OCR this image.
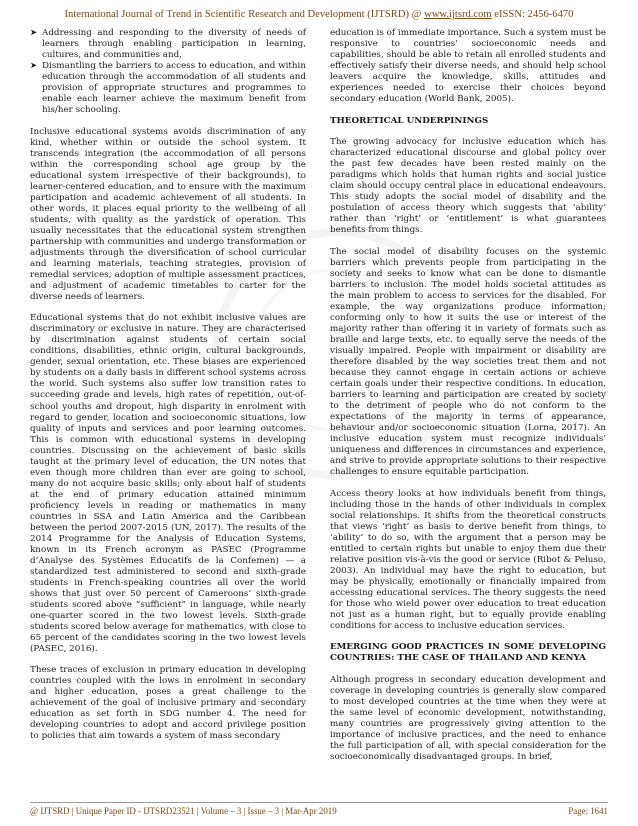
International Journal of Trend in Scientific Research and Development (IJTSRD) @ www.ijtsrd.com eISSN: 2456-6470
➤ Addressing and responding to the diversity of needs of learners through enabling participation in learning, cultures, and communities and,
➤ Dismantling the barriers to access to education, and within education through the accommodation of all students and provision of appropriate structures and programmes to enable each learner achieve the maximum benefit from his/her schooling.

Inclusive educational systems avoids discrimination of any kind, whether within or outside the school system. It transcends integration (the accommodation of all persons within the corresponding school age group by the educational system irrespective of their backgrounds), to learner-centered education, and to ensure with the maximum participation and academic achievement of all students. In other words, it places equal priority to the wellbeing of all students, with quality as the yardstick of operation. This usually necessitates that the educational system strengthen partnership with communities and undergo transformation or adjustments through the diversification of school curricular and learning materials, teaching strategies, provision of remedial services, adoption of multiple assessment practices, and adjustment of academic timetables to carter for the diverse needs of learners.

Educational systems that do not exhibit inclusive values are discriminatory or exclusive in nature. They are characterised by discrimination against students of certain social conditions, disabilities, ethnic origin, cultural backgrounds, gender, sexual orientation, etc. These biases are experienced by students on a daily basis in different school systems across the world. Such systems also suffer low transition rates to succeeding grade and levels, high rates of repetition, out-of-school youths and dropout, high disparity in enrolment with regard to gender, location and socioeconomic situations, low quality of inputs and services and poor learning outcomes. This is common with educational systems in developing countries. Discussing on the achievement of basic skills taught at the primary level of education, the UN notes that even though more children than ever are going to school, many do not acquire basic skills; only about half of students at the end of primary education attained minimum proficiency levels in reading or mathematics in many countries in SSA and Latin America and the Caribbean between the period 2007-2015 (UN, 2017). The results of the 2014 Programme for the Analysis of Education Systems, known in its French acronym as PASEC (Programme d’Analyse des Systèmes Éducatifs de la Confemen) — a standardized test administered to second and sixth-grade students in French-speaking countries all over the world shows that just over 50 percent of Cameroons’ sixth-grade students scored above “sufficient” in language, while nearly one-quarter scored in the two lowest levels. Sixth-grade students scored below average for mathematics, with close to 65 percent of the candidates scoring in the two lowest levels (PASEC, 2016).

These traces of exclusion in primary education in developing countries coupled with the lows in enrolment in secondary and higher education, poses a great challenge to the achievement of the goal of inclusive primary and secondary education as set forth in SDG number 4. The need for developing countries to adopt and accord privilege position to policies that aim towards a system of mass secondary

education is of immediate importance. Such a system must be responsive to countries’ socioeconomic needs and capabilities, should be able to retain all enrolled students and effectively satisfy their diverse needs, and should help school leavers acquire the knowledge, skills, attitudes and experiences needed to exercise their choices beyond secondary education (World Bank, 2005).

THEORETICAL UNDERPININGS

The growing advocacy for inclusive education which has characterized educational discourse and global policy over the past few decades have been rested mainly on the paradigms which holds that human rights and social justice claim should occupy central place in educational endeavours. This study adopts the social model of disability and the postulation of access theory which suggests that ‘ability’ rather than ‘right’ or ‘entitlement’ is what guarantees benefits from things.

The social model of disability focuses on the systemic barriers which prevents people from participating in the society and seeks to know what can be done to dismantle barriers to inclusion. The model holds societal attitudes as the main problem to access to services for the disabled. For example, the way organizations produce information; conforming only to how it suits the use or interest of the majority rather than offering it in variety of formats such as braille and large texts, etc. to equally serve the needs of the visually impaired. People with impairment or disability are therefore disabled by the way societies treat them and not because they cannot engage in certain actions or achieve certain goals under their respective conditions. In education, barriers to learning and participation are created by society to the detriment of people who do not conform to the expectations of the majority in terms of appearance, behaviour and/or socioeconomic situation (Lorna, 2017). An inclusive education system must recognize individuals’ uniqueness and differences in circumstances and experience, and strive to provide appropriate solutions to their respective challenges to ensure equitable participation.

Access theory looks at how individuals benefit from things, including those in the hands of other individuals in complex social relationships. It shifts from the theoretical constructs that views ‘right’ as basis to derive benefit from things, to ‘ability’ to do so, with the argument that a person may be entitled to certain rights but unable to enjoy them due their relative position vis-à-vis the good or service (Ribot & Peluso, 2003). An individual may have the right to education, but may be physically, emotionally or financially impaired from accessing educational services. The theory suggests the need for those who wield power over education to treat education not just as a human right, but to equally provide enabling conditions for access to inclusive education services.

EMERGING GOOD PRACTICES IN SOME DEVELOPING COUNTRIES: THE CASE OF THAILAND AND KENYA

Although progress in secondary education development and coverage in developing countries is generally slow compared to most developed countries at the time when they were at the same level of economic development, notwithstanding, many countries are progressively giving attention to the importance of inclusive practices, and the need to enhance the full participation of all, with special consideration for the socioeconomically disadvantaged groups. In brief,

@ IJTSRD | Unique Paper ID - IJTSRD23521 | Volume – 3 | Issue – 3 | Mar-Apr 2019	Page: 1641
